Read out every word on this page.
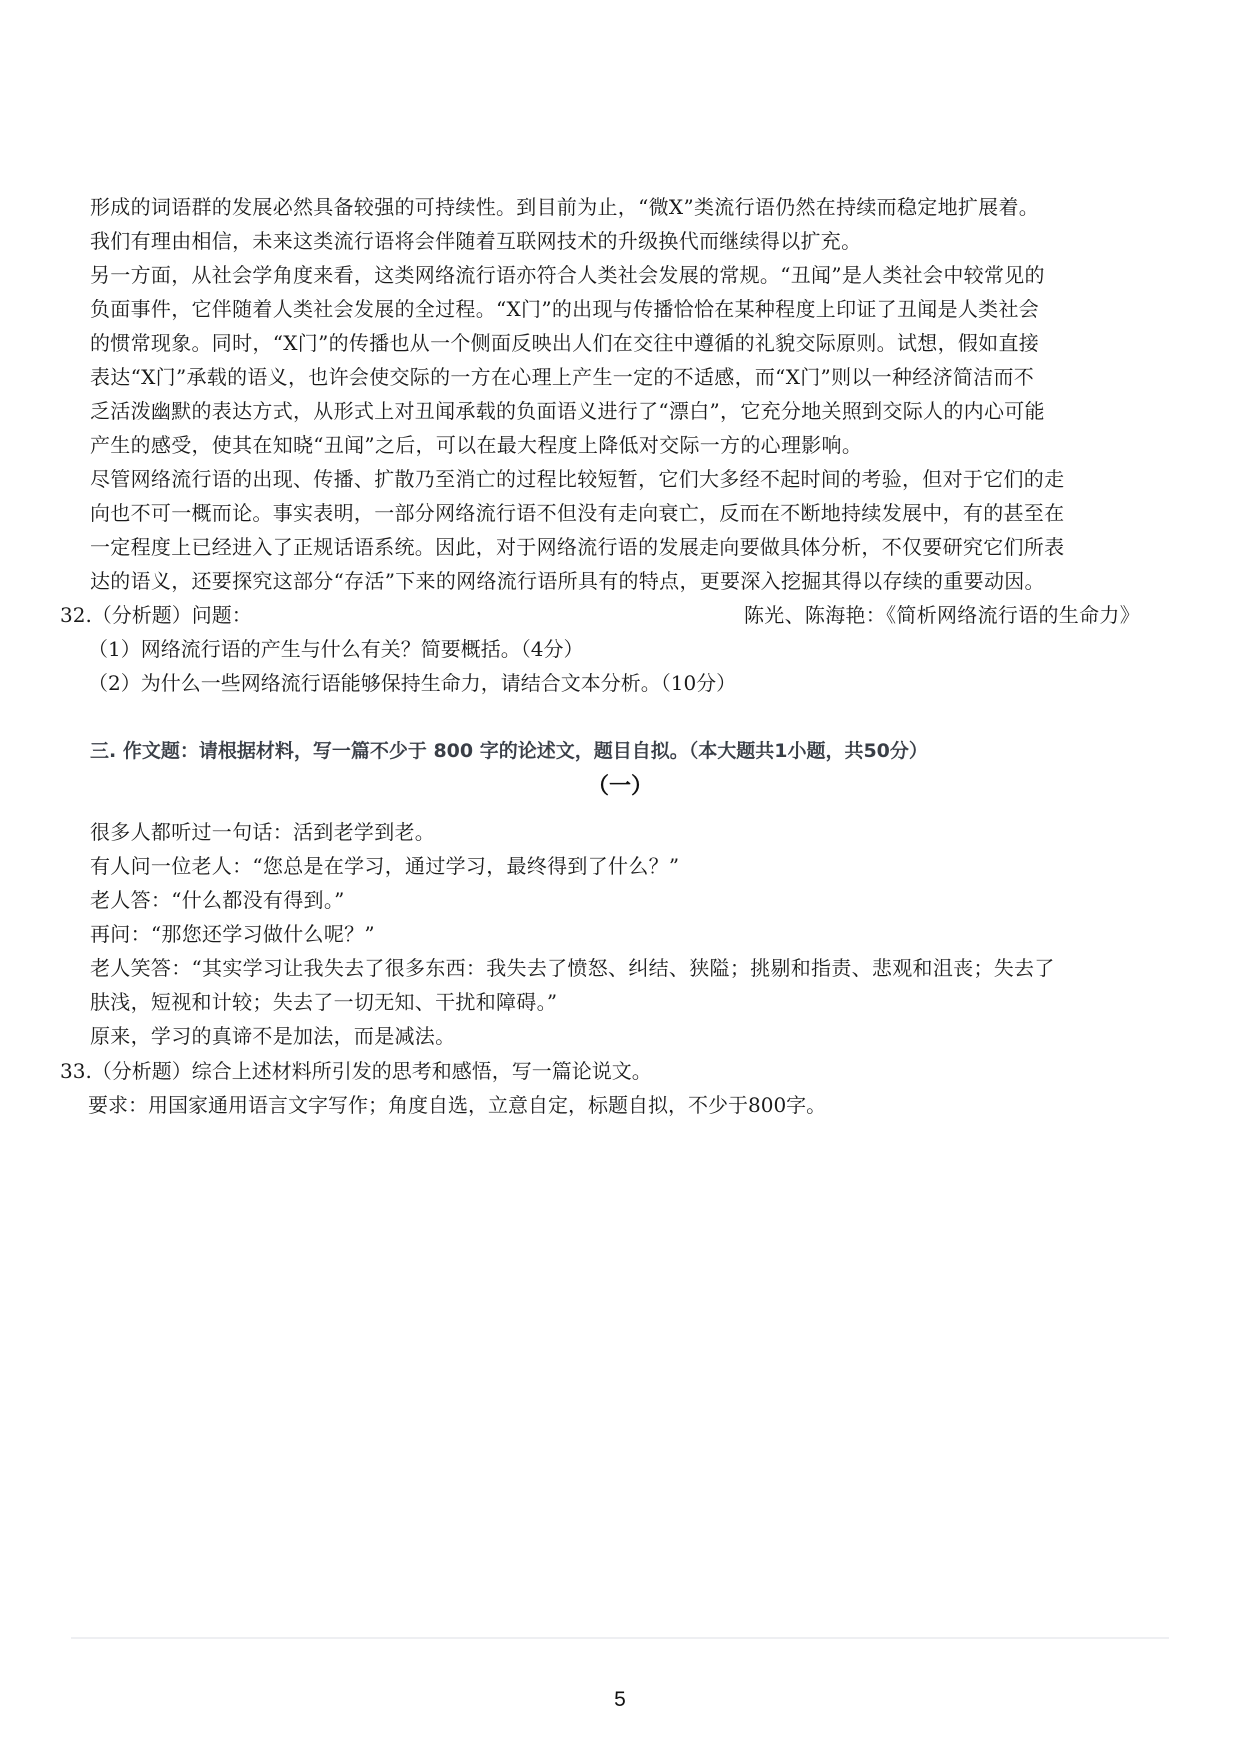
形成的词语群的发展必然具备较强的可持续性。到目前为止，“微X”类流行语仍然在持续而稳定地扩展着。
我们有理由相信，未来这类流行语将会伴随着互联网技术的升级换代而继续得以扩充。
另一方面，从社会学角度来看，这类网络流行语亦符合人类社会发展的常规。“丑闻”是人类社会中较常见的
负面事件，它伴随着人类社会发展的全过程。“X门”的出现与传播恰恰在某种程度上印证了丑闻是人类社会
的惯常现象。同时，“X门”的传播也从一个侧面反映出人们在交往中遵循的礼貌交际原则。试想，假如直接
表达“X门”承载的语义，也许会使交际的一方在心理上产生一定的不适感，而“X门”则以一种经济简洁而不
乏活泼幽默的表达方式，从形式上对丑闻承载的负面语义进行了“漂白”，它充分地关照到交际人的内心可能
产生的感受，使其在知晓“丑闻”之后，可以在最大程度上降低对交际一方的心理影响。
尽管网络流行语的出现、传播、扩散乃至消亡的过程比较短暂，它们大多经不起时间的考验，但对于它们的走
向也不可一概而论。事实表明，一部分网络流行语不但没有走向衰亡，反而在不断地持续发展中，有的甚至在
一定程度上已经进入了正规话语系统。因此，对于网络流行语的发展走向要做具体分析，不仅要研究它们所表
达的语义，还要探究这部分“存活”下来的网络流行语所具有的特点，更要深入挖掘其得以存续的重要动因。
陈光、陈海艳：《简析网络流行语的生命力》
32.（分析题）问题：
（1）网络流行语的产生与什么有关？简要概括。（4分）
（2）为什么一些网络流行语能够保持生命力，请结合文本分析。（10分）
三. 作文题：请根据材料，写一篇不少于 800 字的论述文，题目自拟。（本大题共1小题，共50分）
（一）
很多人都听过一句话：活到老学到老。
有人问一位老人：“您总是在学习，通过学习，最终得到了什么？”
老人答：“什么都没有得到。”
再问：“那您还学习做什么呢？”
老人笑答：“其实学习让我失去了很多东西：我失去了愤怒、纠结、狭隘；挑剔和指责、悲观和沮丧；失去了
肤浅，短视和计较；失去了一切无知、干扰和障碍。”
原来，学习的真谛不是加法，而是减法。
33.（分析题）综合上述材料所引发的思考和感悟，写一篇论说文。
要求：用国家通用语言文字写作；角度自选，立意自定，标题自拟，不少于800字。
5
